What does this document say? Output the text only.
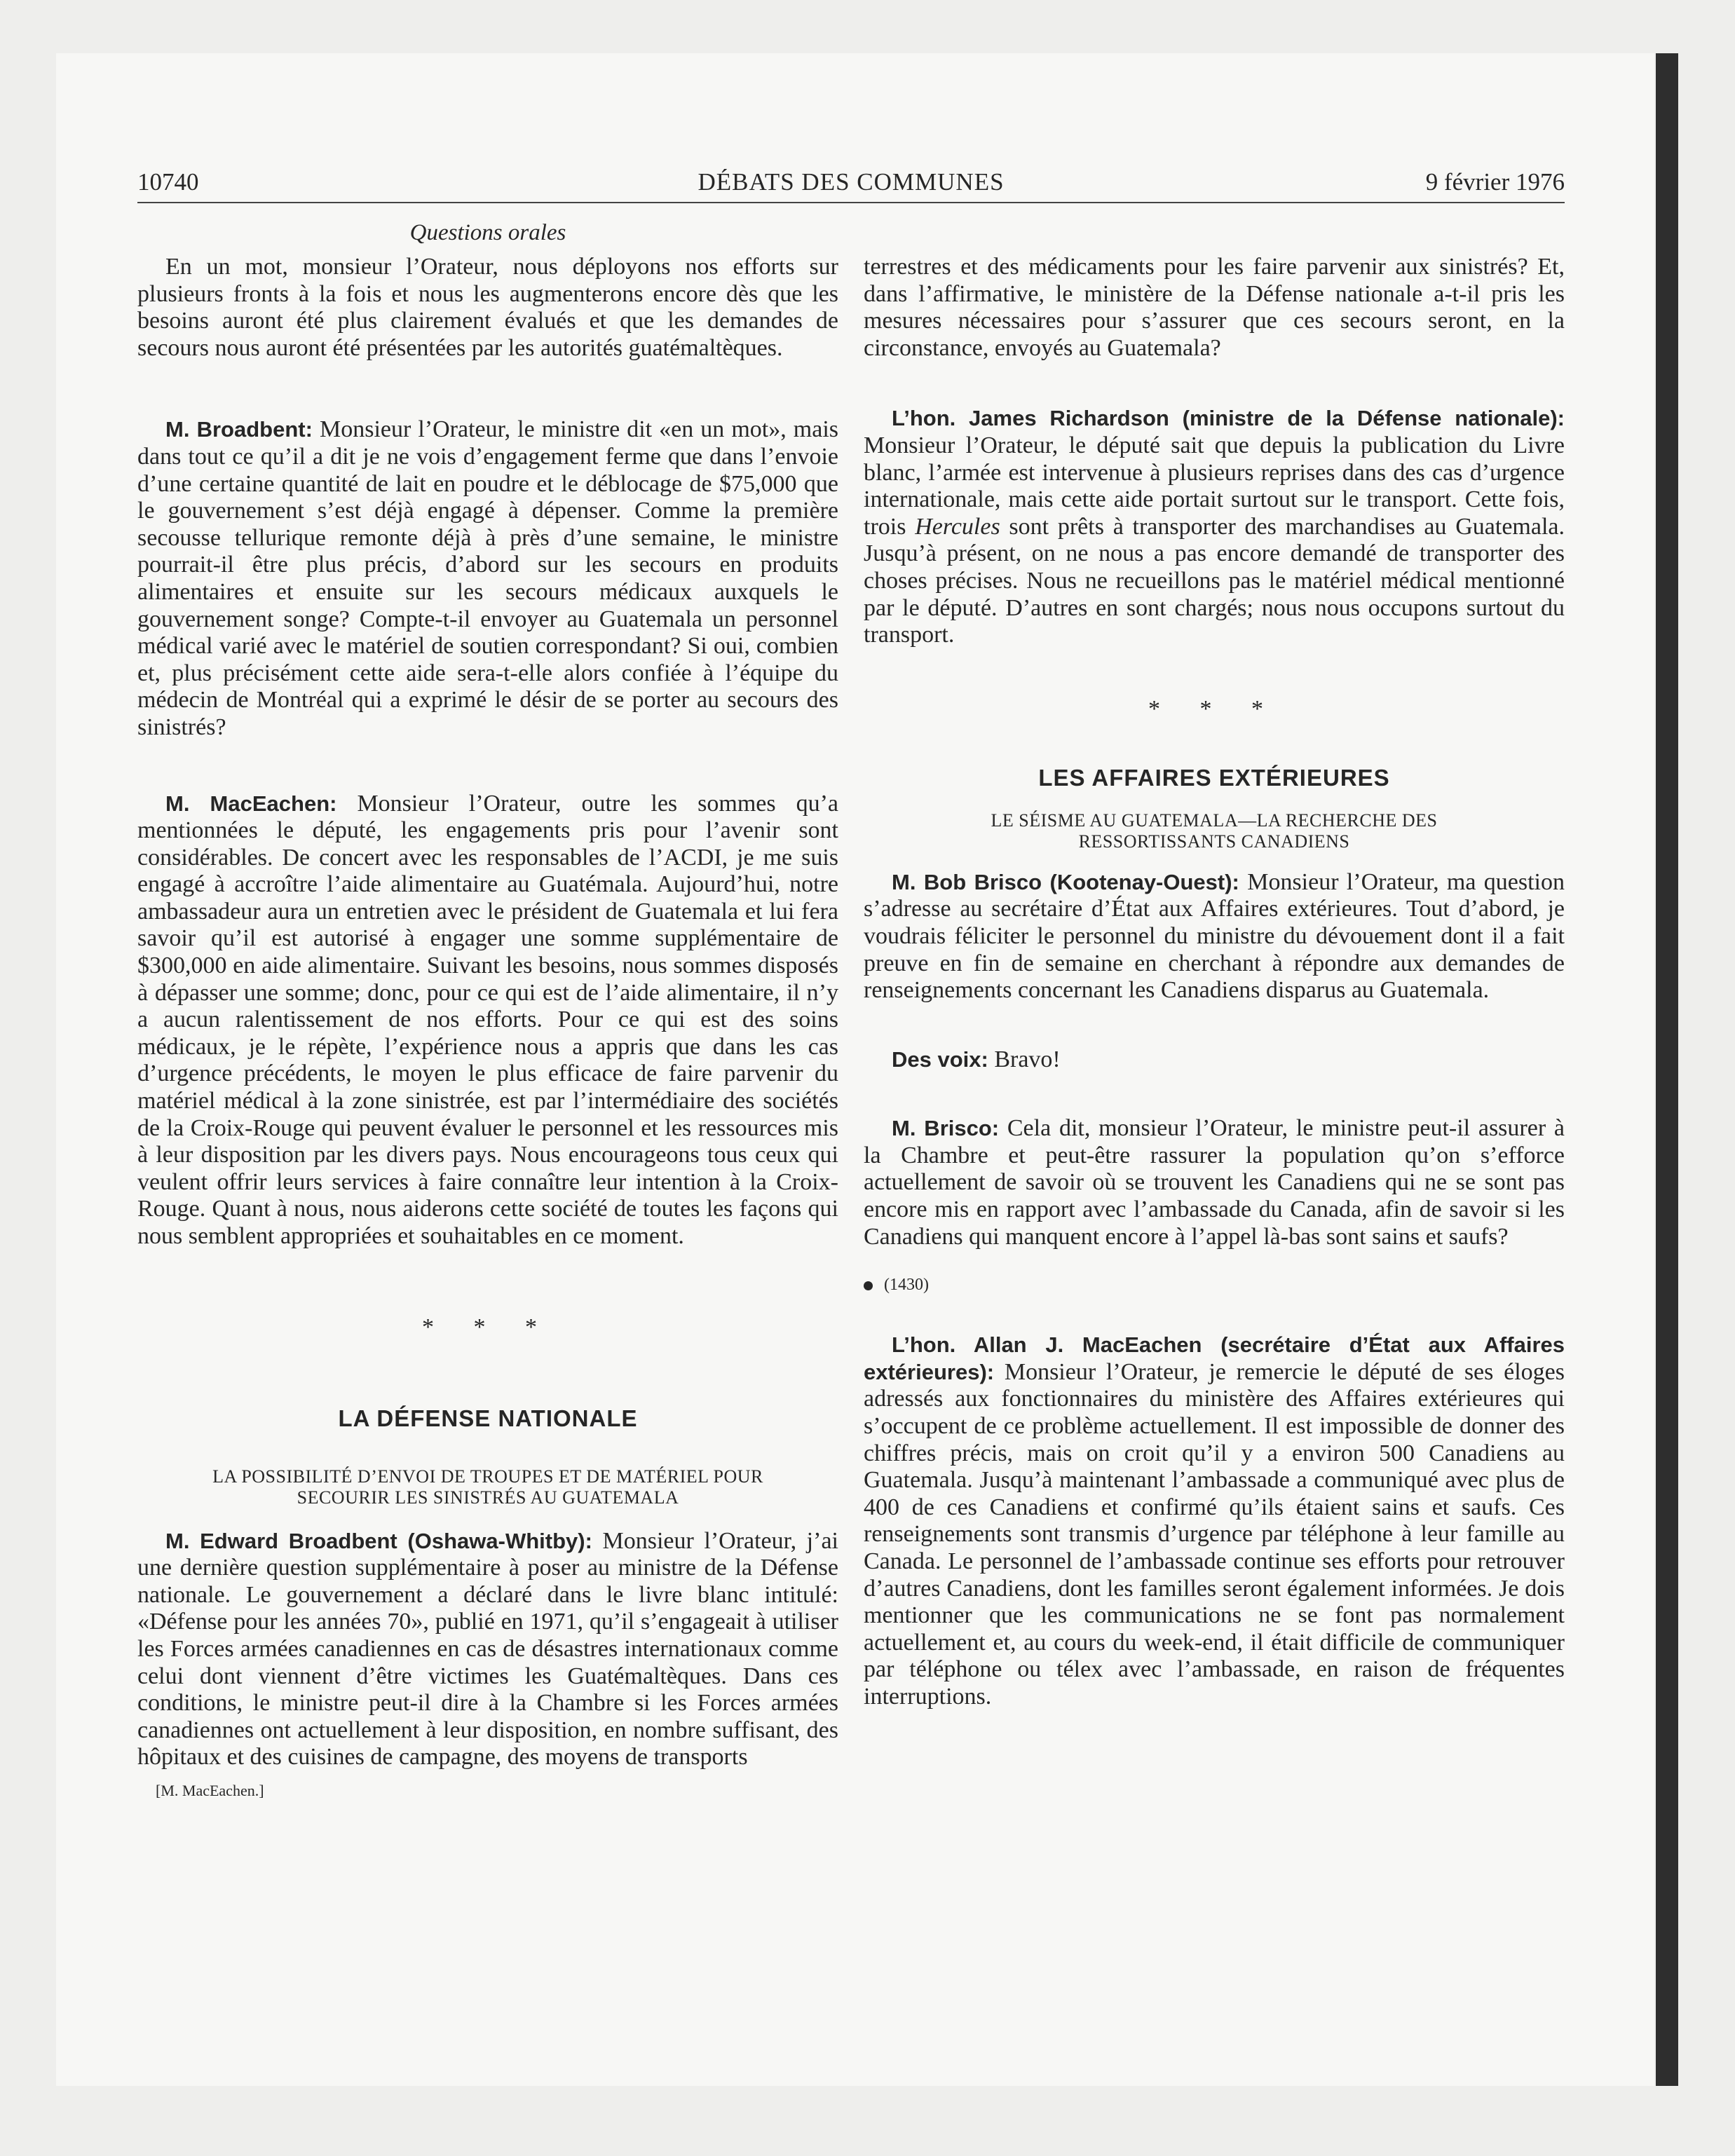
10740	DÉBATS DES COMMUNES	9 février 1976
Questions orales

En un mot, monsieur l’Orateur, nous déployons nos efforts sur plusieurs fronts à la fois et nous les augmenterons encore dès que les besoins auront été plus clairement évalués et que les demandes de secours nous auront été présentées par les autorités guatémaltèques.

M. Broadbent: Monsieur l’Orateur, le ministre dit «en un mot», mais dans tout ce qu’il a dit je ne vois d’engagement ferme que dans l’envoie d’une certaine quantité de lait en poudre et le déblocage de $75,000 que le gouvernement s’est déjà engagé à dépenser. Comme la première secousse tellurique remonte déjà à près d’une semaine, le ministre pourrait-il être plus précis, d’abord sur les secours en produits alimentaires et ensuite sur les secours médicaux auxquels le gouvernement songe? Compte-t-il envoyer au Guatemala un personnel médical varié avec le matériel de soutien correspondant? Si oui, combien et, plus précisément cette aide sera-t-elle alors confiée à l’équipe du médecin de Montréal qui a exprimé le désir de se porter au secours des sinistrés?

M. MacEachen: Monsieur l’Orateur, outre les sommes qu’a mentionnées le député, les engagements pris pour l’avenir sont considérables. De concert avec les responsables de l’ACDI, je me suis engagé à accroître l’aide alimentaire au Guatémala. Aujourd’hui, notre ambassadeur aura un entretien avec le président de Guatemala et lui fera savoir qu’il est autorisé à engager une somme supplémentaire de $300,000 en aide alimentaire. Suivant les besoins, nous sommes disposés à dépasser une somme; donc, pour ce qui est de l’aide alimentaire, il n’y a aucun ralentissement de nos efforts. Pour ce qui est des soins médicaux, je le répète, l’expérience nous a appris que dans les cas d’urgence précédents, le moyen le plus efficace de faire parvenir du matériel médical à la zone sinistrée, est par l’intermédiaire des sociétés de la Croix-Rouge qui peuvent évaluer le personnel et les ressources mis à leur disposition par les divers pays. Nous encourageons tous ceux qui veulent offrir leurs services à faire connaître leur intention à la Croix-Rouge. Quant à nous, nous aiderons cette société de toutes les façons qui nous semblent appropriées et souhaitables en ce moment.

* * *
LA DÉFENSE NATIONALE
LA POSSIBILITÉ D’ENVOI DE TROUPES ET DE MATÉRIEL POUR
SECOURIR LES SINISTRÉS AU GUATEMALA

M. Edward Broadbent (Oshawa-Whitby): Monsieur l’Orateur, j’ai une dernière question supplémentaire à poser au ministre de la Défense nationale. Le gouvernement a déclaré dans le livre blanc intitulé: «Défense pour les années 70», publié en 1971, qu’il s’engageait à utiliser les Forces armées canadiennes en cas de désastres internationaux comme celui dont viennent d’être victimes les Guatémaltèques. Dans ces conditions, le ministre peut-il dire à la Chambre si les Forces armées canadiennes ont actuellement à leur disposition, en nombre suffisant, des hôpitaux et des cuisines de campagne, des moyens de transports

[M. MacEachen.]

terrestres et des médicaments pour les faire parvenir aux sinistrés? Et, dans l’affirmative, le ministère de la Défense nationale a-t-il pris les mesures nécessaires pour s’assurer que ces secours seront, en la circonstance, envoyés au Guatemala?

L’hon. James Richardson (ministre de la Défense nationale): Monsieur l’Orateur, le député sait que depuis la publication du Livre blanc, l’armée est intervenue à plusieurs reprises dans des cas d’urgence internationale, mais cette aide portait surtout sur le transport. Cette fois, trois Hercules sont prêts à transporter des marchandises au Guatemala. Jusqu’à présent, on ne nous a pas encore demandé de transporter des choses précises. Nous ne recueillons pas le matériel médical mentionné par le député. D’autres en sont chargés; nous nous occupons surtout du transport.

* * *
LES AFFAIRES EXTÉRIEURES
LE SÉISME AU GUATEMALA—LA RECHERCHE DES
RESSORTISSANTS CANADIENS

M. Bob Brisco (Kootenay-Ouest): Monsieur l’Orateur, ma question s’adresse au secrétaire d’État aux Affaires extérieures. Tout d’abord, je voudrais féliciter le personnel du ministre du dévouement dont il a fait preuve en fin de semaine en cherchant à répondre aux demandes de renseignements concernant les Canadiens disparus au Guatemala.

Des voix: Bravo!

M. Brisco: Cela dit, monsieur l’Orateur, le ministre peut-il assurer à la Chambre et peut-être rassurer la population qu’on s’efforce actuellement de savoir où se trouvent les Canadiens qui ne se sont pas encore mis en rapport avec l’ambassade du Canada, afin de savoir si les Canadiens qui manquent encore à l’appel là-bas sont sains et saufs?

(1430)

L’hon. Allan J. MacEachen (secrétaire d’État aux Affaires extérieures): Monsieur l’Orateur, je remercie le député de ses éloges adressés aux fonctionnaires du ministère des Affaires extérieures qui s’occupent de ce problème actuellement. Il est impossible de donner des chiffres précis, mais on croit qu’il y a environ 500 Canadiens au Guatemala. Jusqu’à maintenant l’ambassade a communiqué avec plus de 400 de ces Canadiens et confirmé qu’ils étaient sains et saufs. Ces renseignements sont transmis d’urgence par téléphone à leur famille au Canada. Le personnel de l’ambassade continue ses efforts pour retrouver d’autres Canadiens, dont les familles seront également informées. Je dois mentionner que les communications ne se font pas normalement actuellement et, au cours du week-end, il était difficile de communiquer par téléphone ou télex avec l’ambassade, en raison de fréquentes interruptions.
